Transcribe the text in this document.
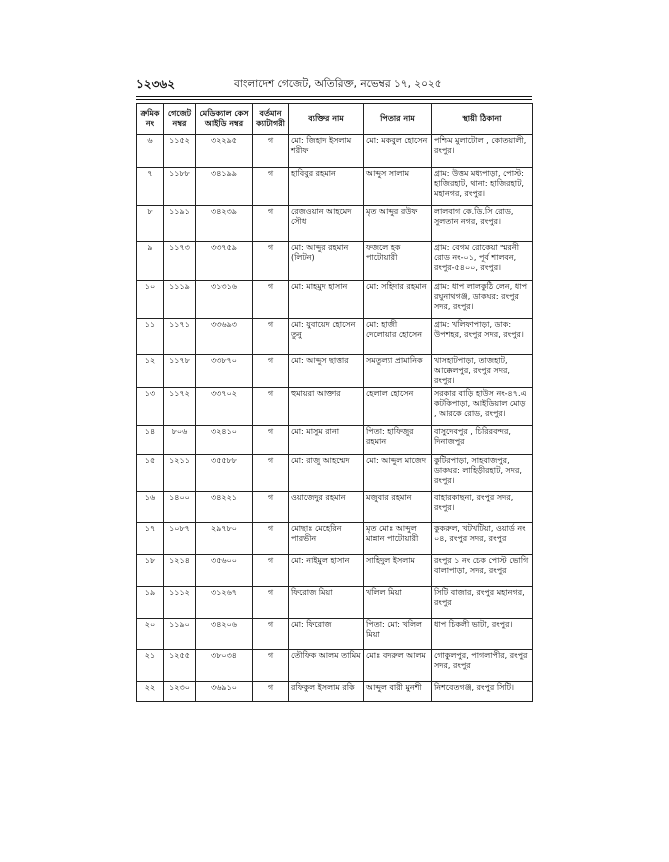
১২৩৬২	বাংলাদেশ গেজেট, অতিরিক্ত, নভেম্বর ১৭, ২০২৫
ক্রমিক নং	গেজেট নম্বর	মেডিক্যাল কেস আইডি নম্বর	বর্তমান ক্যাটাগরী	ব্যক্তির নাম	পিতার নাম	স্থায়ী ঠিকানা
৬	১১৫২	৩২২৯৫	গ	মো: জিহাদ ইসলাম শরীফ	মো: মকবুল হোসেন	পশ্চিম মুলাটোল , কোতয়ালী, রংপুর।
৭	১১৮৮	৩৪১৯৯	গ	হাবিবুর রহমান	আব্দুস সালাম	গ্রাম: উত্তম মধ্যপাড়া, পোস্ট: হাজিরহাট, থানা: হাজিরহাট, মহানগর, রংপুর।
৮	১১৯১	৩৪২৩৯	গ	রেজওয়ান আহমেদ সৌধ	মৃত আব্দুর রউফ	লালবাগ কে.ডি.সি রোড, সুলতান নগর, রংপুর।
৯	১১৭৩	৩৩৭৫৯	গ	মো: আব্দুর রহমান (লিটন)	ফজলে হক পাটোয়ারী	গ্রাম: বেগম রোকেয়া স্মরনী রোড নং-০১, পূর্ব শালবন, রংপুর-৫৪০০, রংপুর।
১০	১১১৯	৩১৩১৬	গ	মো: মাহমুদ হাসান	মো: সহিদার রহমান	গ্রাম: ধাপ লালকুঠি লেন, ধাপ রঘুনাথগঞ্জ, ডাকঘর: রংপুর সদর, রংপুর।
১১	১১৭১	৩৩৬৯৩	গ	মো: যুবায়েদ হোসেন তুনু	মো: হাজী দেলোয়ার হোসেন	গ্রাম: খলিফাপাড়া, ডাক: উপশহর, রংপুর সদর, রংপুর।
১২	১১৭৮	৩৩৮৭০	গ	মো: আব্দুস ছাত্তার	সমতুল্যা প্রামানিক	খাসহাটপাড়া, তাজহাট, আক্কেলপুর, রংপুর সদর, রংপুর।
১৩	১১৭২	৩৩৭০২	গ	হুমায়রা আক্তার	হেলাল হোসেন	সরকার বাড়ি হাউস নং-৪৭.এ কটকিপাড়া, আইডিয়াল মোড় , আরকে রোড, রংপুর।
১৪	৮০৬	৩২৪১০	গ	মো: মাসুম রানা	পিতা: হাফিজুর রহমান	বাসুদেবপুর , চিরিরবন্দর, দিনাজপুর
১৫	১২১১	৩৫৫৮৮	গ	মো: রাজু আহম্মেদ	মো: আব্দুল মাজেদ	কুটিরপাড়া, সাহবাজপুর, ডাকঘর: লাহিড়ীরহাট, সদর, রংপুর।
১৬	১৪০০	৩৪২২১	গ	ওয়াজেদুর রহমান	মজুবার রহমান	বাহারকাছনা, রংপুর সদর, রংপুর।
১৭	১০৮৭	২৯৭৮০	গ	মোছাঃ মেহেরিন পারভীন	মৃত মোঃ আব্দুল মান্নান পাটোয়ারী	কুকরুল, খটখটিয়া, ওয়ার্ড নং ০৪, রংপুর সদর, রংপুর
১৮	১২১৪	৩৫৬০০	গ	মো: নাইমুল হাসান	সাহিদুল ইসলাম	রংপুর ১ নং চেক পোস্ট ভোগি বালাপাড়া, সদর, রংপুর
১৯	১১১২	৩১২৬৭	গ	ফিরোজ মিয়া	খলিল মিয়া	সিটি বাজার, রংপুর মহানগর, রংপুর
২০	১১৯০	৩৪২০৬	গ	মো: ফিরোজ	পিতা: মো: খলিল মিয়া	ধাপ চিকলী ভাটা, রংপুর।
২১	১২৫৫	৩৮০৩৪	গ	তৌফিক আলম তামিম	মোঃ বদরুল আলম	গোকুলপুর, পাগলাপীর, রংপুর সদর, রংপুর
২২	১২৩০	৩৬৯১০	গ	রফিকুল ইসলাম রকি	আব্দুল বারী মুনশী	নিশবেতগঞ্জ, রংপুর সিটি।
